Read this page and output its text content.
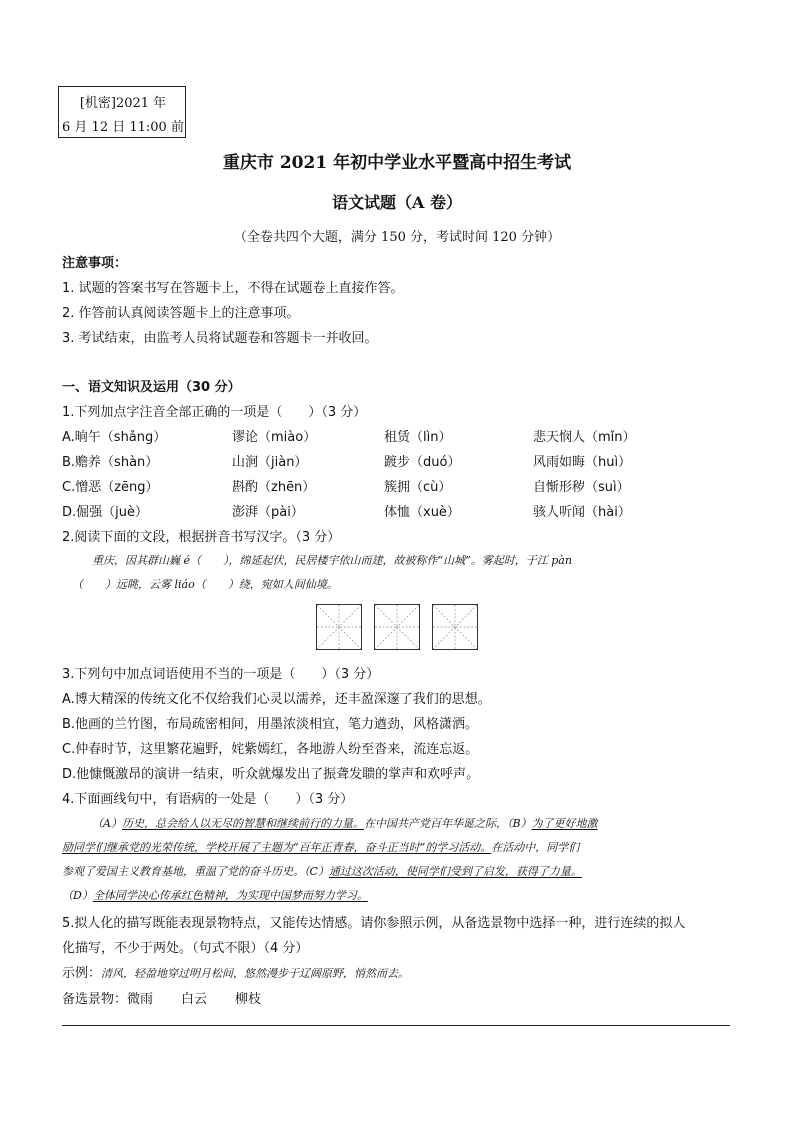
[机密]2021 年
6 月 12 日 11:00 前
重庆市 2021 年初中学业水平暨高中招生考试
语文试题（A 卷）
（全卷共四个大题，满分 150 分，考试时间 120 分钟）
注意事项：
1. 试题的答案书写在答题卡上，不得在试题卷上直接作答。
2. 作答前认真阅读答题卡上的注意事项。
3. 考试结束，由监考人员将试题卷和答题卡一并收回。
一、语文知识及运用（30 分）
1.下列加点字注音全部正确的一项是（　　）（3 分）
A.晌午（shǎng）	谬论（miào）	租赁（lìn）	悲天悯人（mǐn）
B.赡养（shàn）	山涧（jiàn）	踱步（duó）	风雨如晦（huì）
C.憎恶（zēng）	斟酌（zhēn）	簇拥（cù）	自惭形秽（suì）
D.倔强（juè）	澎湃（pài）	体恤（xuè）	骇人听闻（hài）
2.阅读下面的文段，根据拼音书写汉字。（3 分）
重庆，因其群山巍 é（　　），绵延起伏，民居楼宇依山而建，故被称作“山城”。雾起时，于江 pàn
（　　）远眺，云雾 liáo（　　）绕，宛如人间仙境。
3.下列句中加点词语使用不当的一项是（　　）（3 分）
A.博大精深的传统文化不仅给我们心灵以濡养，还丰盈深邃了我们的思想。
B.他画的兰竹图，布局疏密相间，用墨浓淡相宜，笔力遒劲，风格潇洒。
C.仲春时节，这里繁花遍野，姹紫嫣红，各地游人纷至沓来，流连忘返。
D.他慷慨激昂的演讲一结束，听众就爆发出了振聋发聩的掌声和欢呼声。
4.下面画线句中，有语病的一处是（　　）（3 分）
（A）历史，总会给人以无尽的智慧和继续前行的力量。在中国共产党百年华诞之际，（B）为了更好地激
励同学们继承党的光荣传统，学校开展了主题为“百年正青春，奋斗正当时”的学习活动。在活动中，同学们
参观了爱国主义教育基地，重温了党的奋斗历史。（C）通过这次活动，使同学们受到了启发，获得了力量。
（D）全体同学决心传承红色精神，为实现中国梦而努力学习。
5.拟人化的描写既能表现景物特点，又能传达情感。请你参照示例，从备选景物中选择一种，进行连续的拟人
化描写，不少于两处。（句式不限）（4 分）
示例：清风，轻盈地穿过明月松间，悠然漫步于辽阔原野，悄然而去。
备选景物：微雨 白云 柳枝
